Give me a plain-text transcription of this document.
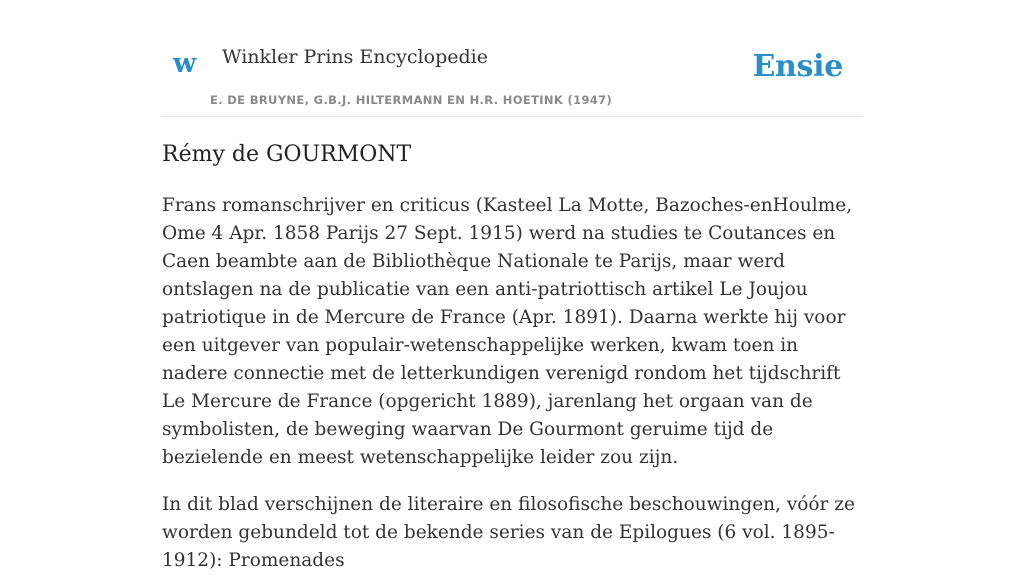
w Winkler Prins Encyclopedie
E. DE BRUYNE, G.B.J. HILTERMANN EN H.R. HOETINK (1947)
Ensie
Rémy de GOURMONT

Frans romanschrijver en criticus (Kasteel La Motte, Bazoches-enHoulme, Ome 4 Apr. 1858 Parijs 27 Sept. 1915) werd na studies te Coutances en Caen beambte aan de Bibliothèque Nationale te Parijs, maar werd ontslagen na de publicatie van een anti-patriottisch artikel Le Joujou patriotique in de Mercure de France (Apr. 1891). Daarna werkte hij voor een uitgever van populair-wetenschappelijke werken, kwam toen in nadere connectie met de letterkundigen verenigd rondom het tijdschrift Le Mercure de France (opgericht 1889), jarenlang het orgaan van de symbolisten, de beweging waarvan De Gourmont geruime tijd de bezielende en meest wetenschappelijke leider zou zijn.

In dit blad verschijnen de literaire en filosofische beschouwingen, vóór ze worden gebundeld tot de bekende series van de Epilogues (6 vol. 1895-1912): Promenades
